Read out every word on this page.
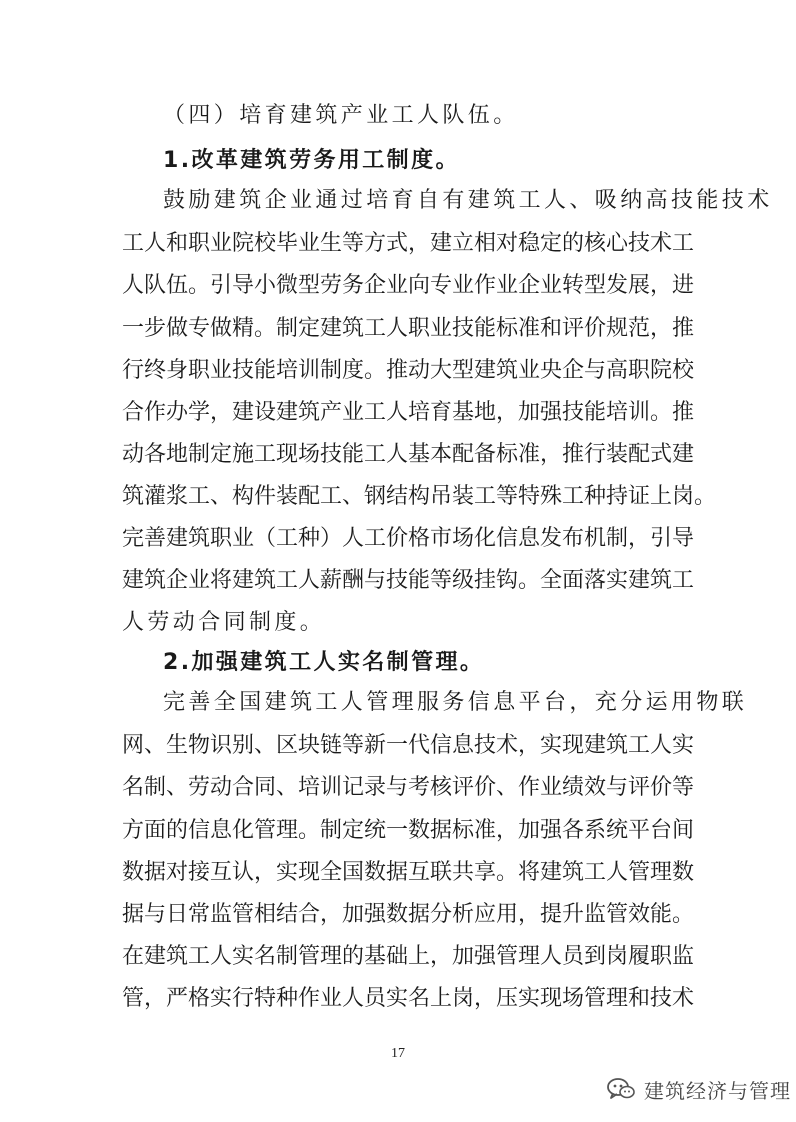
（四）培育建筑产业工人队伍。
1.改革建筑劳务用工制度。
鼓励建筑企业通过培育自有建筑工人、吸纳高技能技术
工人和职业院校毕业生等方式，建立相对稳定的核心技术工
人队伍。引导小微型劳务企业向专业作业企业转型发展，进
一步做专做精。制定建筑工人职业技能标准和评价规范，推
行终身职业技能培训制度。推动大型建筑业央企与高职院校
合作办学，建设建筑产业工人培育基地，加强技能培训。推
动各地制定施工现场技能工人基本配备标准，推行装配式建
筑灌浆工、构件装配工、钢结构吊装工等特殊工种持证上岗。
完善建筑职业（工种）人工价格市场化信息发布机制，引导
建筑企业将建筑工人薪酬与技能等级挂钩。全面落实建筑工
人劳动合同制度。
2.加强建筑工人实名制管理。
完善全国建筑工人管理服务信息平台，充分运用物联
网、生物识别、区块链等新一代信息技术，实现建筑工人实
名制、劳动合同、培训记录与考核评价、作业绩效与评价等
方面的信息化管理。制定统一数据标准，加强各系统平台间
数据对接互认，实现全国数据互联共享。将建筑工人管理数
据与日常监管相结合，加强数据分析应用，提升监管效能。
在建筑工人实名制管理的基础上，加强管理人员到岗履职监
管，严格实行特种作业人员实名上岗，压实现场管理和技术
17
建筑经济与管理
